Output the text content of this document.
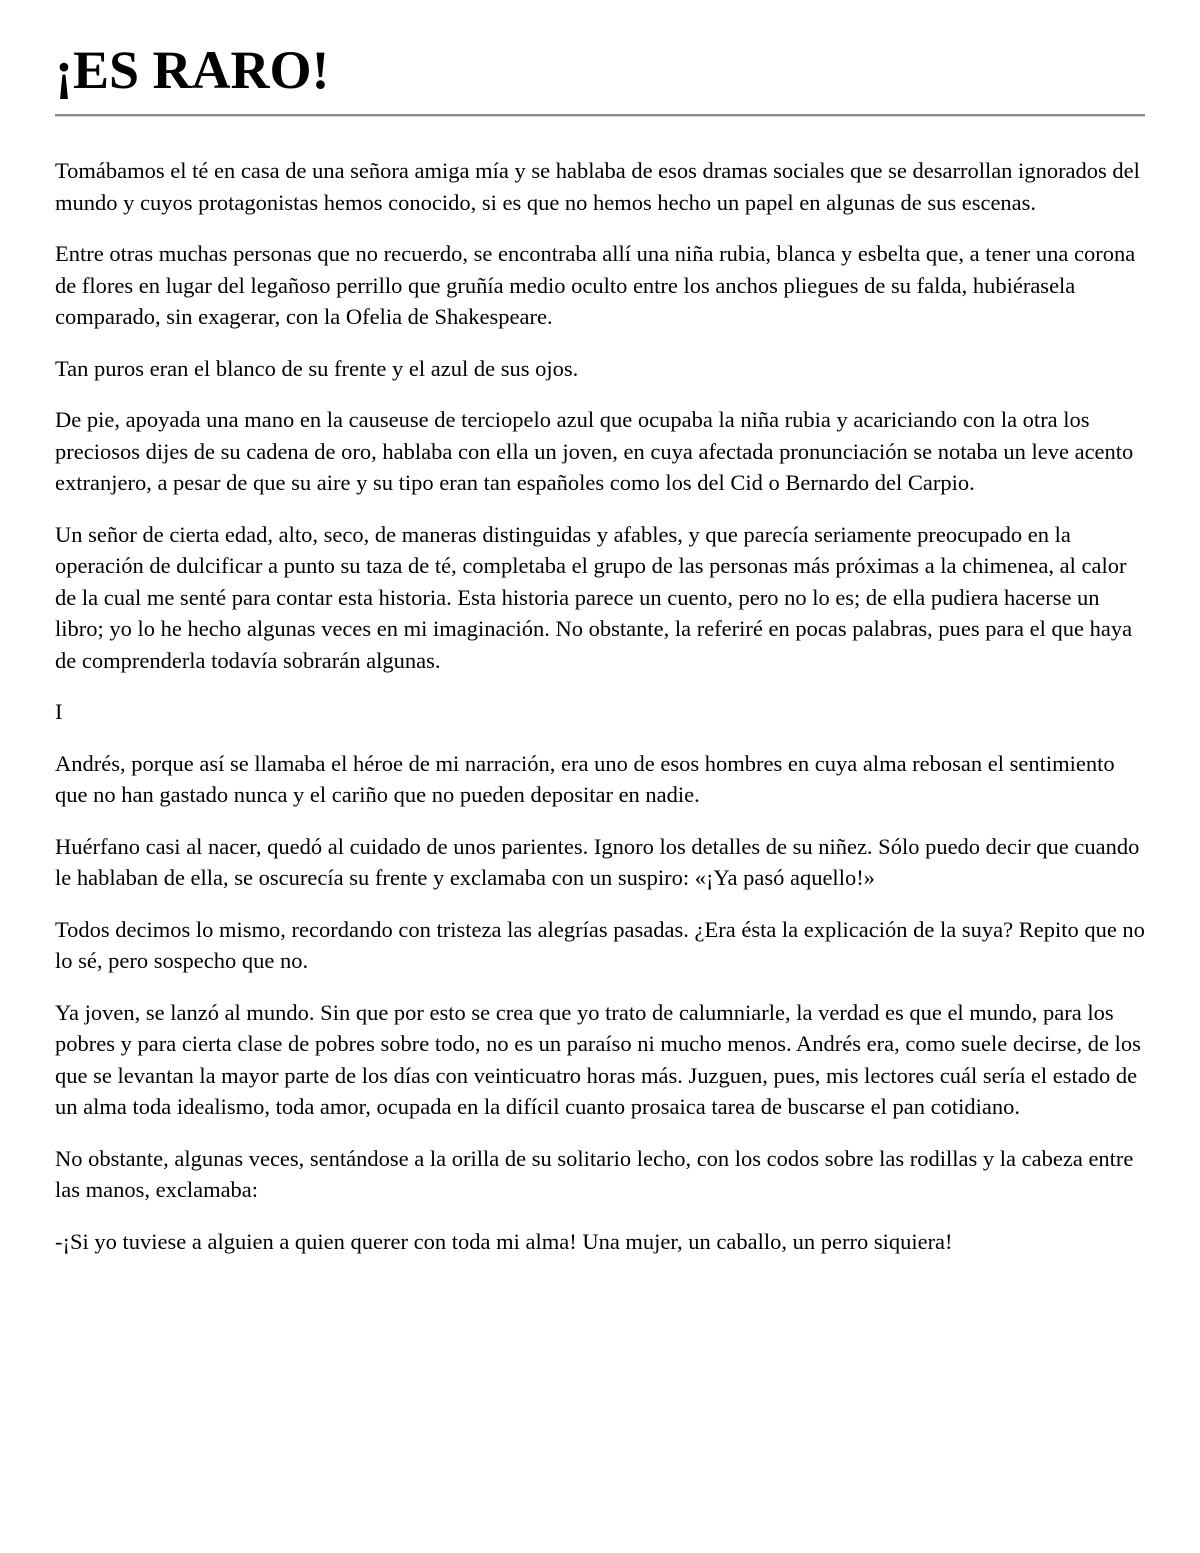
¡ES RARO!

Tomábamos el té en casa de una señora amiga mía y se hablaba de esos dramas sociales que se desarrollan ignorados del mundo y cuyos protagonistas hemos conocido, si es que no hemos hecho un papel en algunas de sus escenas.

Entre otras muchas personas que no recuerdo, se encontraba allí una niña rubia, blanca y esbelta que, a tener una corona de flores en lugar del legañoso perrillo que gruñía medio oculto entre los anchos pliegues de su falda, hubiérasela comparado, sin exagerar, con la Ofelia de Shakespeare.

Tan puros eran el blanco de su frente y el azul de sus ojos.

De pie, apoyada una mano en la causeuse de terciopelo azul que ocupaba la niña rubia y acariciando con la otra los preciosos dijes de su cadena de oro, hablaba con ella un joven, en cuya afectada pronunciación se notaba un leve acento extranjero, a pesar de que su aire y su tipo eran tan españoles como los del Cid o Bernardo del Carpio.

Un señor de cierta edad, alto, seco, de maneras distinguidas y afables, y que parecía seriamente preocupado en la operación de dulcificar a punto su taza de té, completaba el grupo de las personas más próximas a la chimenea, al calor de la cual me senté para contar esta historia. Esta historia parece un cuento, pero no lo es; de ella pudiera hacerse un libro; yo lo he hecho algunas veces en mi imaginación. No obstante, la referiré en pocas palabras, pues para el que haya de comprenderla todavía sobrarán algunas.

I

Andrés, porque así se llamaba el héroe de mi narración, era uno de esos hombres en cuya alma rebosan el sentimiento que no han gastado nunca y el cariño que no pueden depositar en nadie.

Huérfano casi al nacer, quedó al cuidado de unos parientes. Ignoro los detalles de su niñez. Sólo puedo decir que cuando le hablaban de ella, se oscurecía su frente y exclamaba con un suspiro: «¡Ya pasó aquello!»

Todos decimos lo mismo, recordando con tristeza las alegrías pasadas. ¿Era ésta la explicación de la suya? Repito que no lo sé, pero sospecho que no.

Ya joven, se lanzó al mundo. Sin que por esto se crea que yo trato de calumniarle, la verdad es que el mundo, para los pobres y para cierta clase de pobres sobre todo, no es un paraíso ni mucho menos. Andrés era, como suele decirse, de los que se levantan la mayor parte de los días con veinticuatro horas más. Juzguen, pues, mis lectores cuál sería el estado de un alma toda idealismo, toda amor, ocupada en la difícil cuanto prosaica tarea de buscarse el pan cotidiano.

No obstante, algunas veces, sentándose a la orilla de su solitario lecho, con los codos sobre las rodillas y la cabeza entre las manos, exclamaba:

-¡Si yo tuviese a alguien a quien querer con toda mi alma! Una mujer, un caballo, un perro siquiera!
